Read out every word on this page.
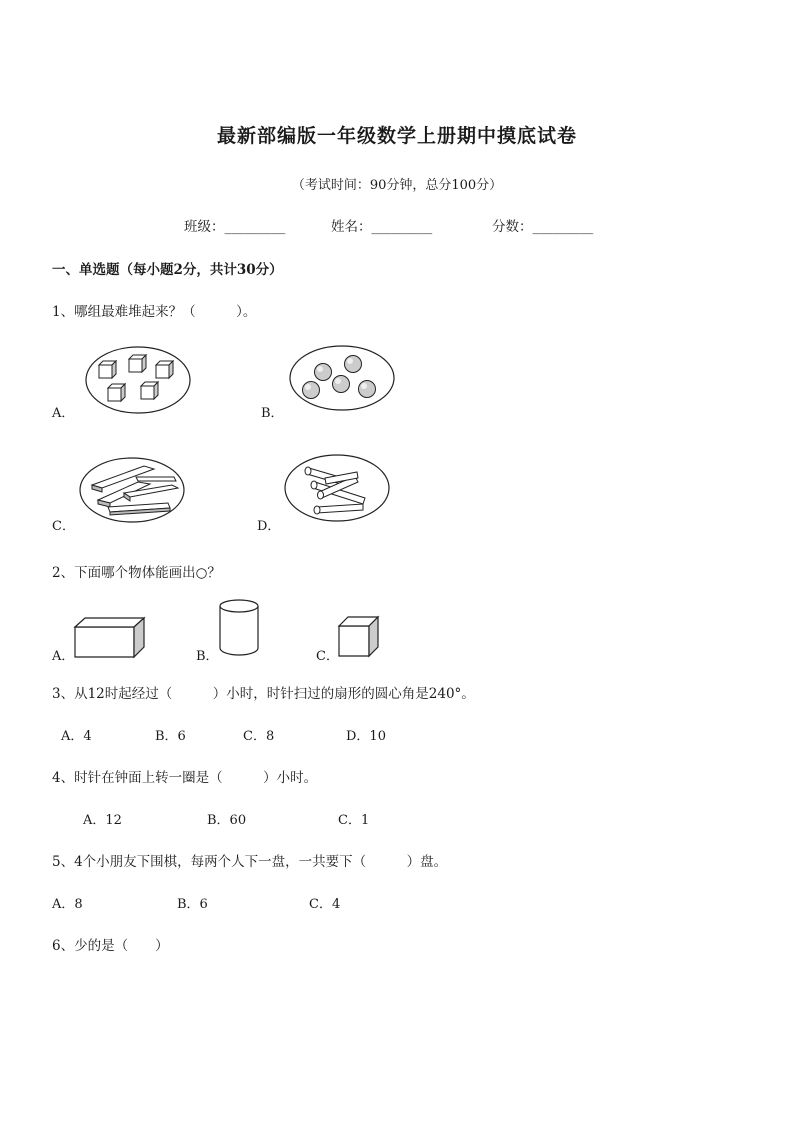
最新部编版一年级数学上册期中摸底试卷
（考试时间：90分钟，总分100分）
班级：_________	姓名：_________	分数：_________
一、单选题（每小题2分，共计30分）
1、哪组最难堆起来？（　　　）。
A．	B．
C．	D．
2、下面哪个物体能画出○？
A．	B．	C．
3、从12时起经过（　　　）小时，时针扫过的扇形的圆心角是240°。
A．4	B．6	C．8	D．10
4、时针在钟面上转一圈是（　　　）小时。
A．12	B．60	C．1
5、4个小朋友下围棋，每两个人下一盘，一共要下（　　　）盘。
A．8	B．6	C．4
6、少的是（　　）
